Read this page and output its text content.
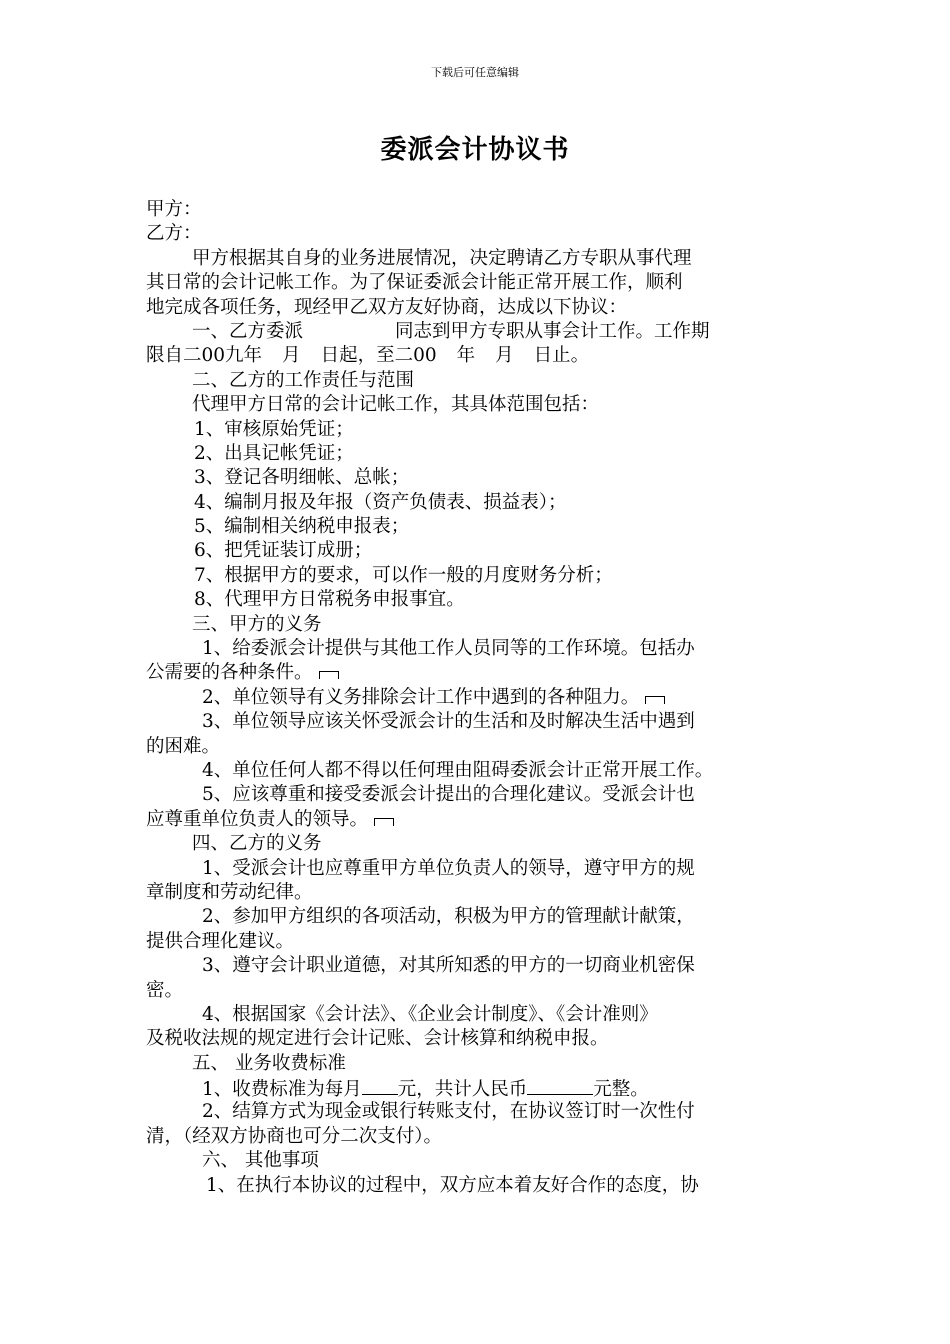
下载后可任意编辑
委派会计协议书
甲方：
乙方：
甲方根据其自身的业务进展情况，决定聘请乙方专职从事代理
其日常的会计记帐工作。为了保证委派会计能正常开展工作，顺利
地完成各项任务，现经甲乙双方友好协商，达成以下协议：
一、乙方委派	同志到甲方专职从事会计工作。工作期
限自二00九年 月 日起，至二00 年 月 日止。
二、乙方的工作责任与范围
代理甲方日常的会计记帐工作，其具体范围包括：
1、审核原始凭证；
2、出具记帐凭证；
3、登记各明细帐、总帐；
4、编制月报及年报（资产负债表、损益表）；
5、编制相关纳税申报表；
6、把凭证装订成册；
7、根据甲方的要求，可以作一般的月度财务分析；
8、代理甲方日常税务申报事宜。
三、甲方的义务
1、给委派会计提供与其他工作人员同等的工作环境。包括办
公需要的各种条件。
2、单位领导有义务排除会计工作中遇到的各种阻力。
3、单位领导应该关怀受派会计的生活和及时解决生活中遇到
的困难。
4、单位任何人都不得以任何理由阻碍委派会计正常开展工作。
5、应该尊重和接受委派会计提出的合理化建议。受派会计也
应尊重单位负责人的领导。
四、乙方的义务
1、受派会计也应尊重甲方单位负责人的领导，遵守甲方的规
章制度和劳动纪律。
2、参加甲方组织的各项活动，积极为甲方的管理献计献策，
提供合理化建议。
3、遵守会计职业道德，对其所知悉的甲方的一切商业机密保
密。
4、根据国家《会计法》、《企业会计制度》、《会计准则》
及税收法规的规定进行会计记账、会计核算和纳税申报。
五、 业务收费标准
1、收费标准为每月 元，共计人民币	元整。
2、结算方式为现金或银行转账支付，在协议签订时一次性付
清，（经双方协商也可分二次支付）。
六、 其他事项
1、在执行本协议的过程中，双方应本着友好合作的态度，协
